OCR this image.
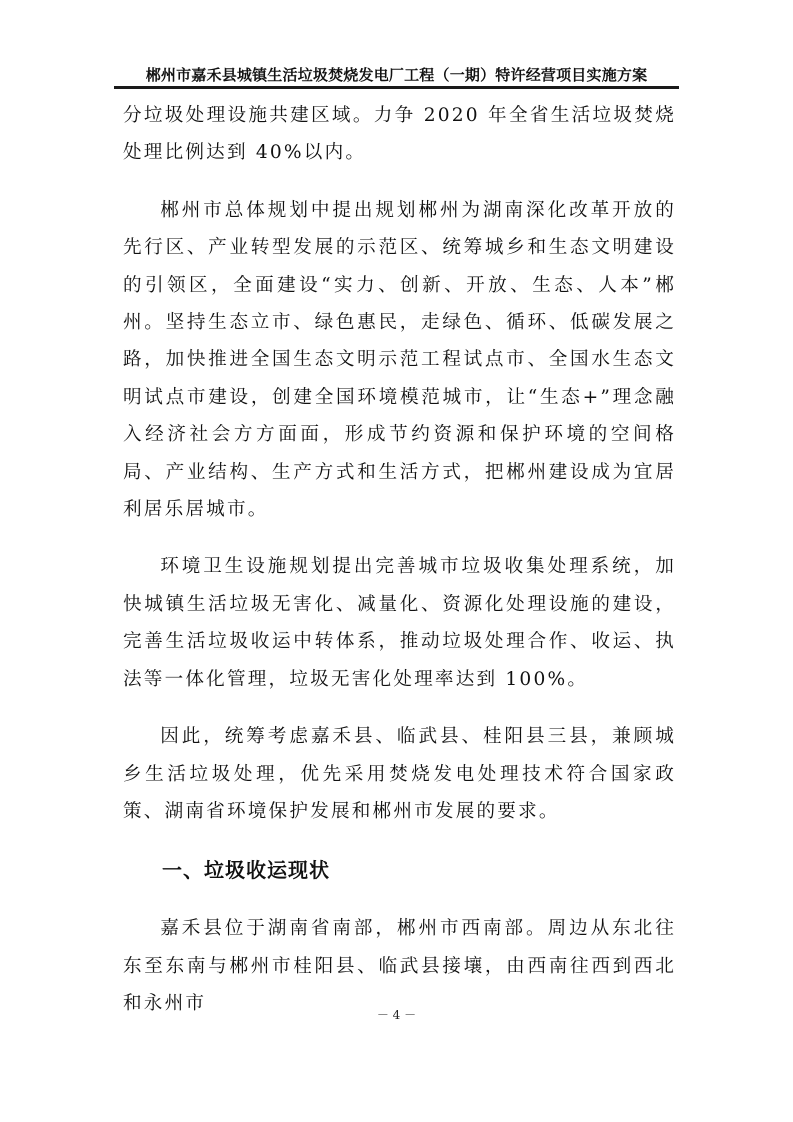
郴州市嘉禾县城镇生活垃圾焚烧发电厂工程（一期）特许经营项目实施方案

分垃圾处理设施共建区域。力争 2020 年全省生活垃圾焚烧处理比例达到 40%以内。

郴州市总体规划中提出规划郴州为湖南深化改革开放的先行区、产业转型发展的示范区、统筹城乡和生态文明建设的引领区，全面建设“实力、创新、开放、生态、人本”郴州。坚持生态立市、绿色惠民，走绿色、循环、低碳发展之路，加快推进全国生态文明示范工程试点市、全国水生态文明试点市建设，创建全国环境模范城市，让“生态+”理念融入经济社会方方面面，形成节约资源和保护环境的空间格局、产业结构、生产方式和生活方式，把郴州建设成为宜居利居乐居城市。

环境卫生设施规划提出完善城市垃圾收集处理系统，加快城镇生活垃圾无害化、减量化、资源化处理设施的建设，完善生活垃圾收运中转体系，推动垃圾处理合作、收运、执法等一体化管理，垃圾无害化处理率达到 100%。

因此，统筹考虑嘉禾县、临武县、桂阳县三县，兼顾城乡生活垃圾处理，优先采用焚烧发电处理技术符合国家政策、湖南省环境保护发展和郴州市发展的要求。

一、垃圾收运现状

嘉禾县位于湖南省南部，郴州市西南部。周边从东北往东至东南与郴州市桂阳县、临武县接壤，由西南往西到西北和永州市

－ 4 －
